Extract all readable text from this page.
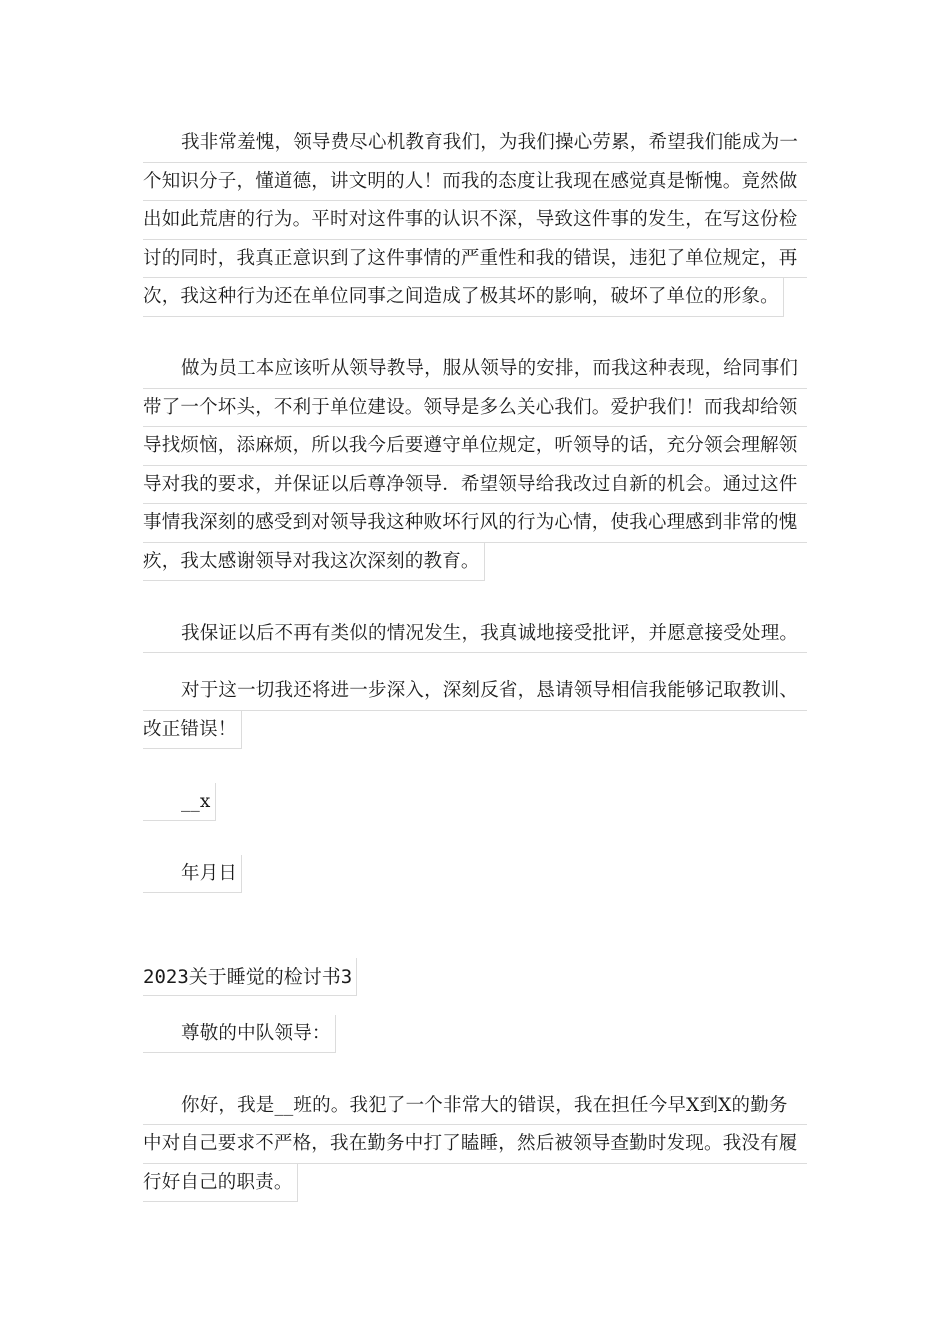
我非常羞愧，领导费尽心机教育我们，为我们操心劳累，希望我们能成为一
个知识分子，懂道德，讲文明的人！而我的态度让我现在感觉真是惭愧。竟然做
出如此荒唐的行为。平时对这件事的认识不深，导致这件事的发生，在写这份检
讨的同时，我真正意识到了这件事情的严重性和我的错误，违犯了单位规定，再
次，我这种行为还在单位同事之间造成了极其坏的影响，破坏了单位的形象。
做为员工本应该听从领导教导，服从领导的安排，而我这种表现，给同事们
带了一个坏头，不利于单位建设。领导是多么关心我们。爱护我们！而我却给领
导找烦恼，添麻烦，所以我今后要遵守单位规定，听领导的话，充分领会理解领
导对我的要求，并保证以后尊净领导．希望领导给我改过自新的机会。通过这件
事情我深刻的感受到对领导我这种败坏行风的行为心情，使我心理感到非常的愧
疚，我太感谢领导对我这次深刻的教育。
我保证以后不再有类似的情况发生，我真诚地接受批评，并愿意接受处理。
对于这一切我还将进一步深入，深刻反省，恳请领导相信我能够记取教训、
改正错误！
__x
年月日
2023关于睡觉的检讨书3
尊敬的中队领导：
你好，我是__班的。我犯了一个非常大的错误，我在担任今早X到X的勤务
中对自己要求不严格，我在勤务中打了瞌睡，然后被领导查勤时发现。我没有履
行好自己的职责。
